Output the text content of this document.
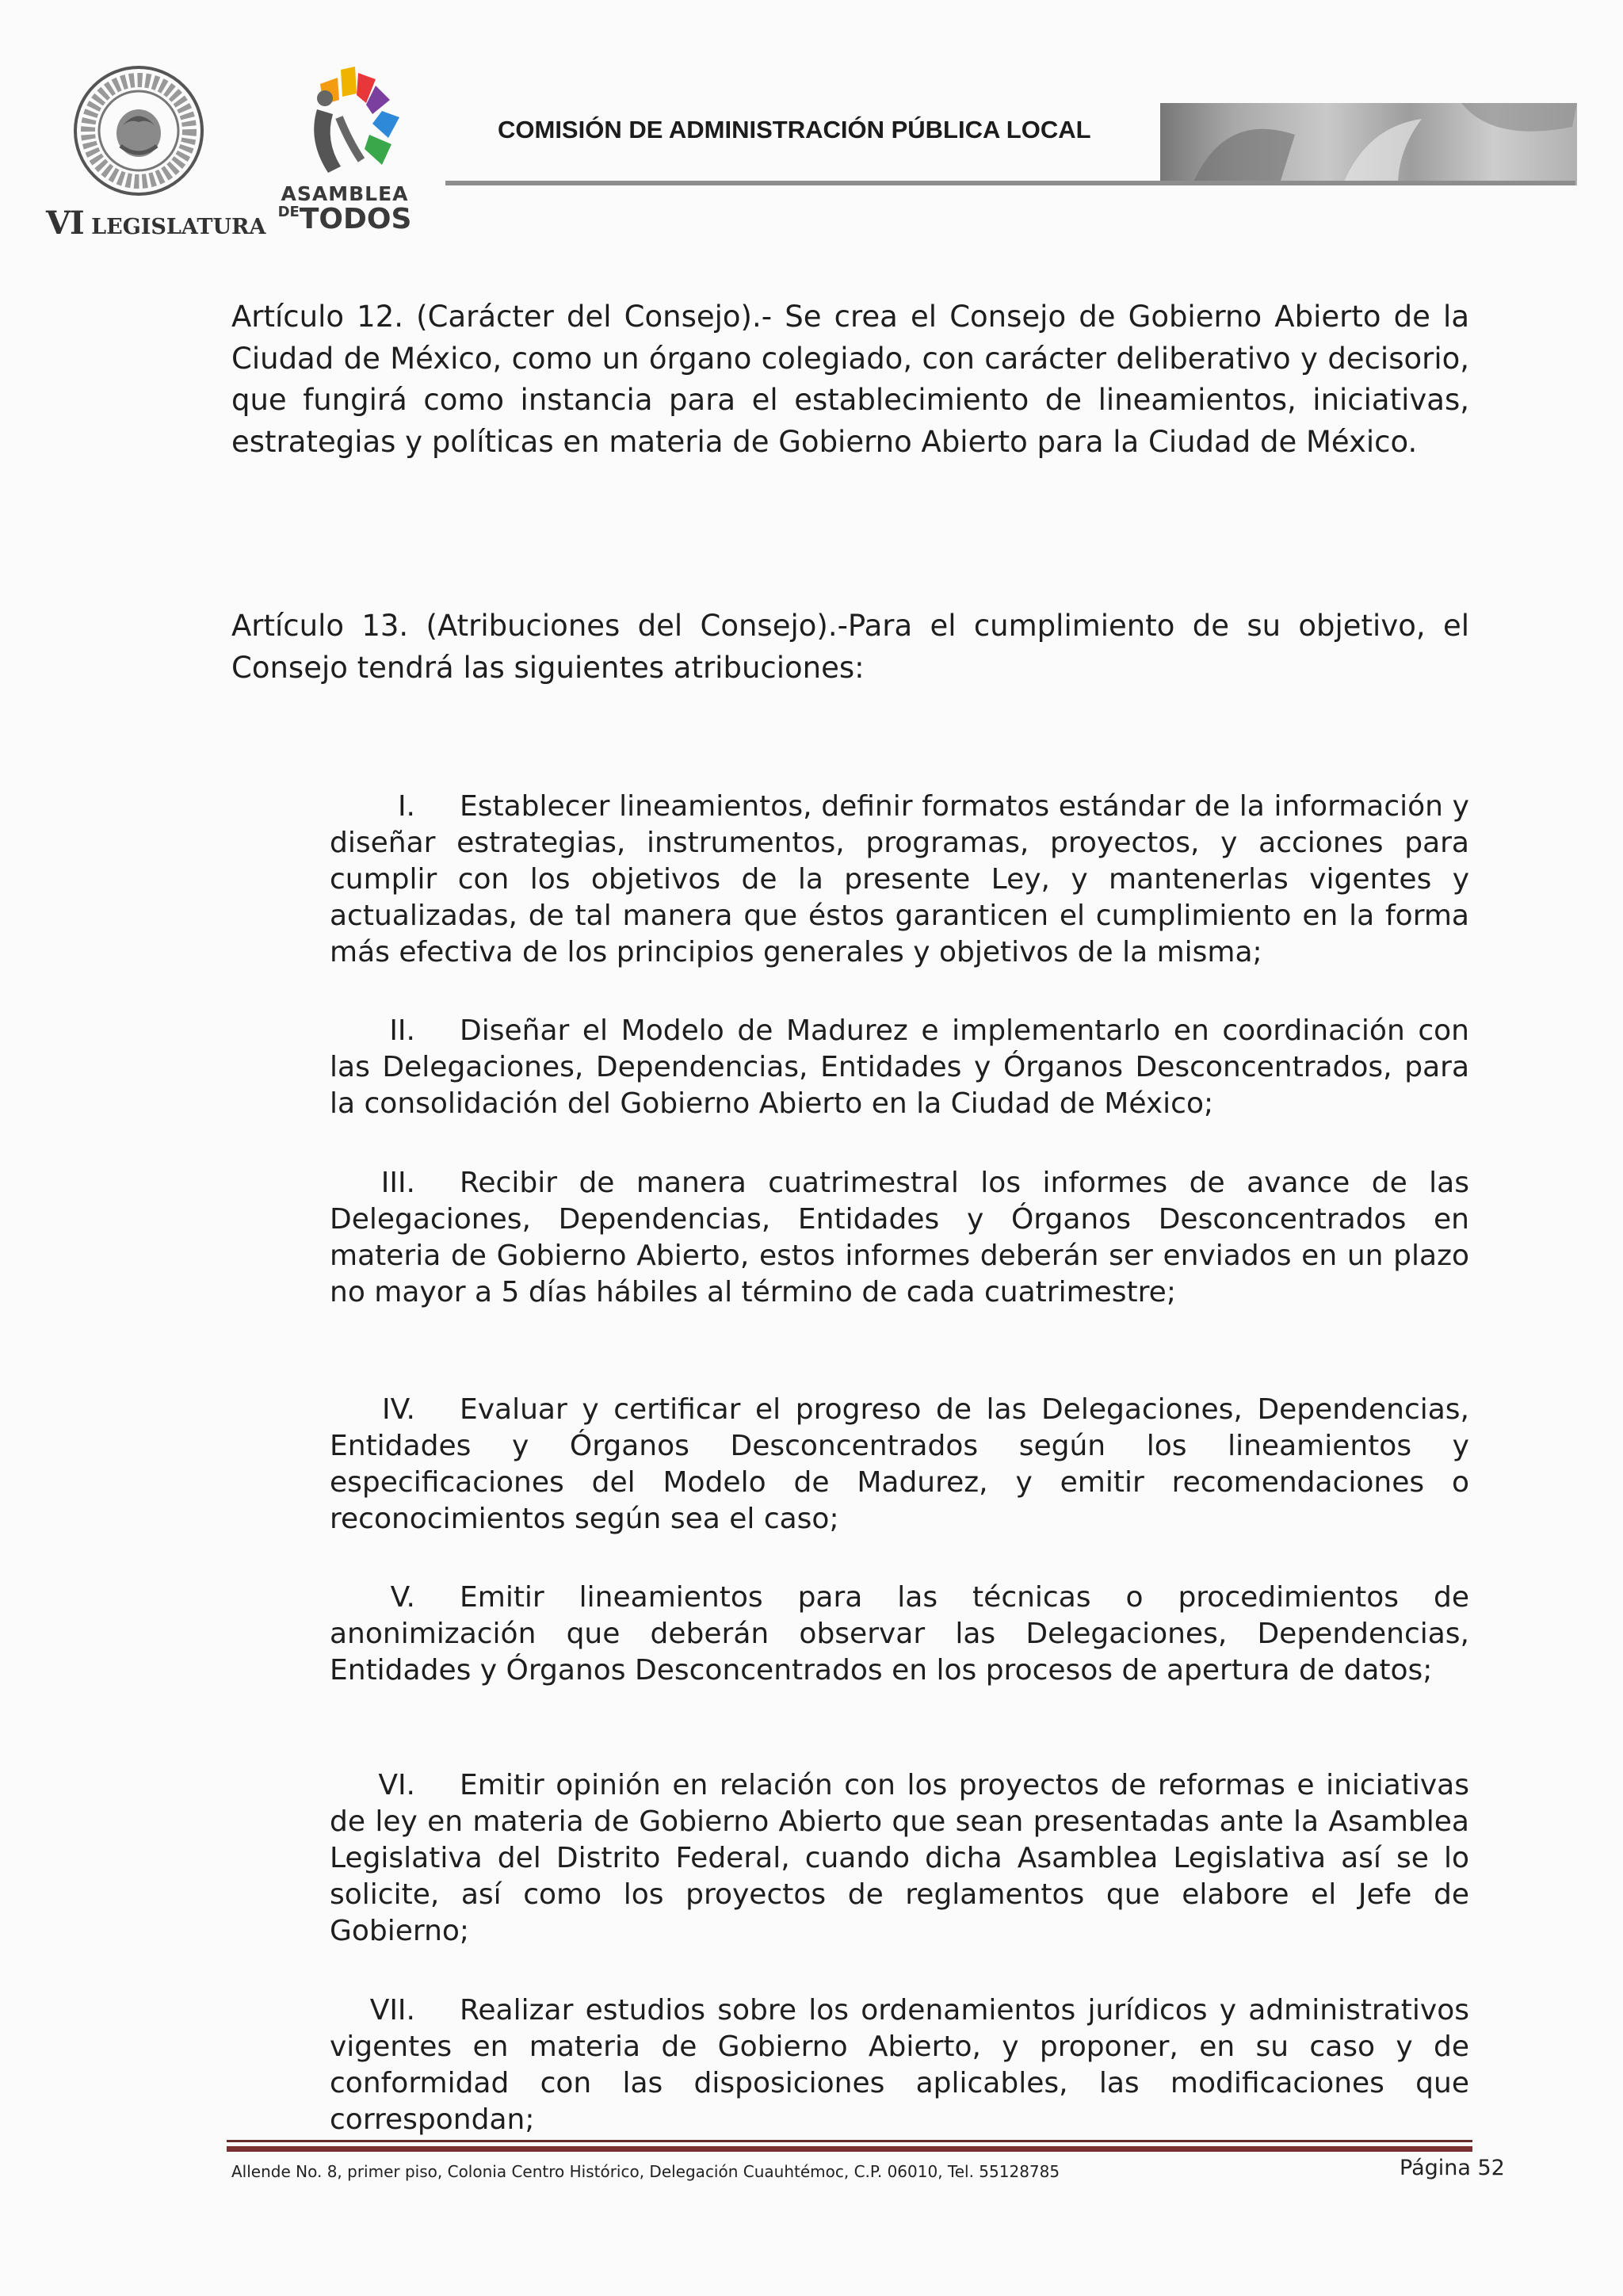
VI LEGISLATURA
ASAMBLEA
$^{DE}$TODOS
COMISIÓN DE ADMINISTRACIÓN PÚBLICA LOCAL

Artículo 12. (Carácter del Consejo).- Se crea el Consejo de Gobierno Abierto de la Ciudad de México, como un órgano colegiado, con carácter deliberativo y decisorio, que fungirá como instancia para el establecimiento de lineamientos, iniciativas, estrategias y políticas en materia de Gobierno Abierto para la Ciudad de México.

Artículo 13. (Atribuciones del Consejo).-Para el cumplimiento de su objetivo, el Consejo tendrá las siguientes atribuciones:

I. Establecer lineamientos, definir formatos estándar de la información y diseñar estrategias, instrumentos, programas, proyectos, y acciones para cumplir con los objetivos de la presente Ley, y mantenerlas vigentes y actualizadas, de tal manera que éstos garanticen el cumplimiento en la forma más efectiva de los principios generales y objetivos de la misma;

II. Diseñar el Modelo de Madurez e implementarlo en coordinación con las Delegaciones, Dependencias, Entidades y Órganos Desconcentrados, para la consolidación del Gobierno Abierto en la Ciudad de México;

III. Recibir de manera cuatrimestral los informes de avance de las Delegaciones, Dependencias, Entidades y Órganos Desconcentrados en materia de Gobierno Abierto, estos informes deberán ser enviados en un plazo no mayor a 5 días hábiles al término de cada cuatrimestre;

IV. Evaluar y certificar el progreso de las Delegaciones, Dependencias, Entidades y Órganos Desconcentrados según los lineamientos y especificaciones del Modelo de Madurez, y emitir recomendaciones o reconocimientos según sea el caso;

V. Emitir lineamientos para las técnicas o procedimientos de anonimización que deberán observar las Delegaciones, Dependencias, Entidades y Órganos Desconcentrados en los procesos de apertura de datos;

VI. Emitir opinión en relación con los proyectos de reformas e iniciativas de ley en materia de Gobierno Abierto que sean presentadas ante la Asamblea Legislativa del Distrito Federal, cuando dicha Asamblea Legislativa así se lo solicite, así como los proyectos de reglamentos que elabore el Jefe de Gobierno;

VII. Realizar estudios sobre los ordenamientos jurídicos y administrativos vigentes en materia de Gobierno Abierto, y proponer, en su caso y de conformidad con las disposiciones aplicables, las modificaciones que correspondan;

Allende No. 8, primer piso, Colonia Centro Histórico, Delegación Cuauhtémoc, C.P. 06010, Tel. 55128785	Página 52
